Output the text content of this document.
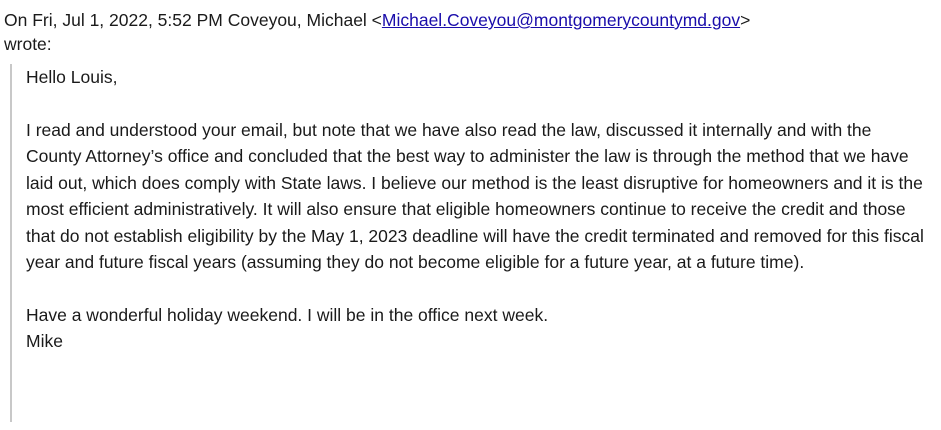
On Fri, Jul 1, 2022, 5:52 PM Coveyou, Michael <Michael.Coveyou@montgomerycountymd.gov>
wrote:

Hello Louis,

I read and understood your email, but note that we have also read the law, discussed it internally and with the County Attorney’s office and concluded that the best way to administer the law is through the method that we have laid out, which does comply with State laws. I believe our method is the least disruptive for homeowners and it is the most efficient administratively. It will also ensure that eligible homeowners continue to receive the credit and those that do not establish eligibility by the May 1, 2023 deadline will have the credit terminated and removed for this fiscal year and future fiscal years (assuming they do not become eligible for a future year, at a future time).

Have a wonderful holiday weekend. I will be in the office next week.

Mike
